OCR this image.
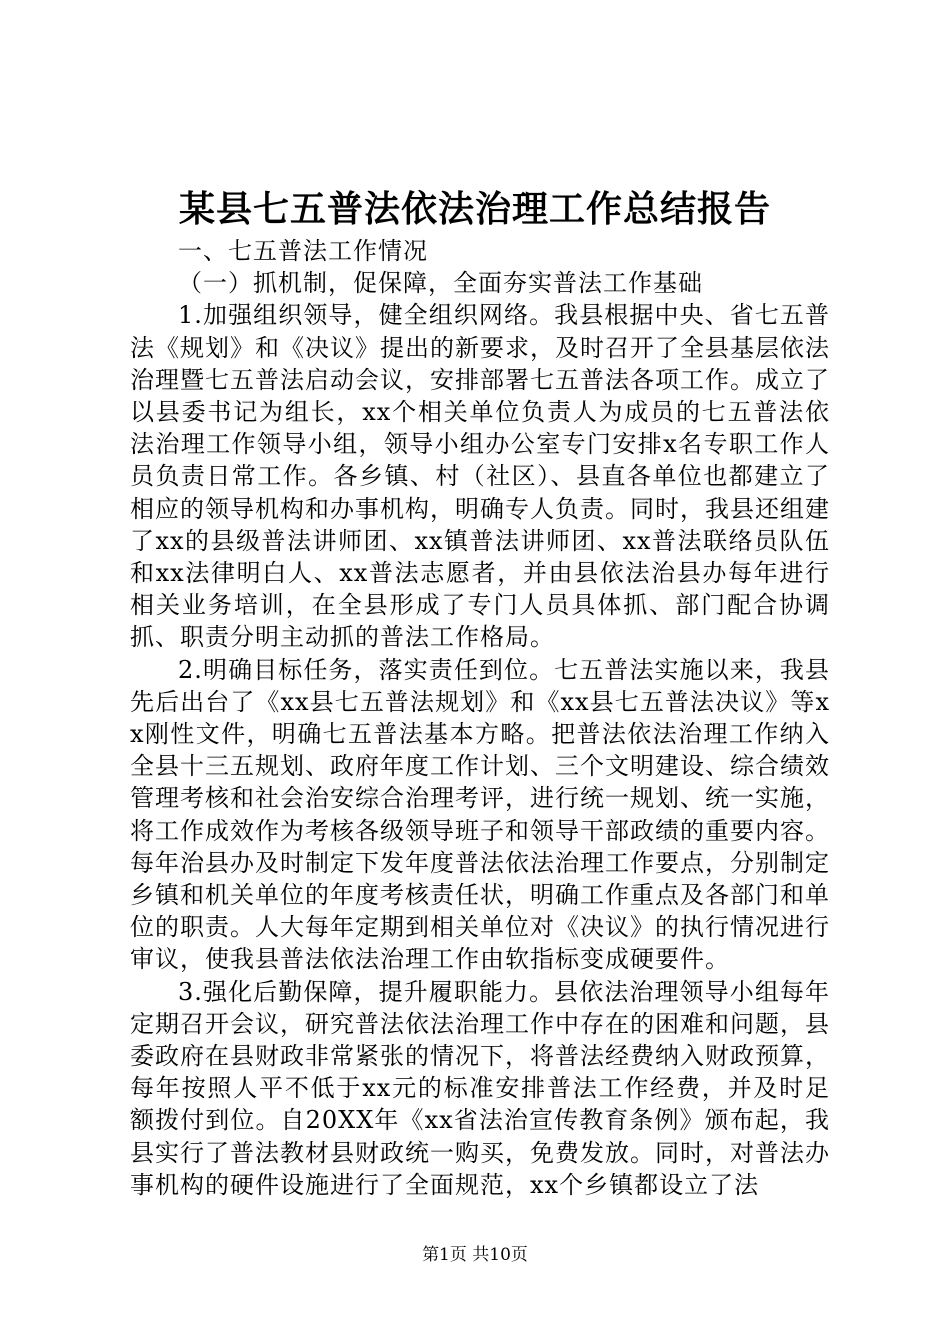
某县七五普法依法治理工作总结报告

一、七五普法工作情况

（一）抓机制，促保障，全面夯实普法工作基础

1.加强组织领导，健全组织网络。我县根据中央、省七五普法《规划》和《决议》提出的新要求，及时召开了全县基层依法治理暨七五普法启动会议，安排部署七五普法各项工作。成立了以县委书记为组长，xx个相关单位负责人为成员的七五普法依法治理工作领导小组，领导小组办公室专门安排x名专职工作人员负责日常工作。各乡镇、村（社区）、县直各单位也都建立了相应的领导机构和办事机构，明确专人负责。同时，我县还组建了xx的县级普法讲师团、xx镇普法讲师团、xx普法联络员队伍和xx法律明白人、xx普法志愿者，并由县依法治县办每年进行相关业务培训，在全县形成了专门人员具体抓、部门配合协调抓、职责分明主动抓的普法工作格局。

2.明确目标任务，落实责任到位。七五普法实施以来，我县先后出台了《xx县七五普法规划》和《xx县七五普法决议》等xx刚性文件，明确七五普法基本方略。把普法依法治理工作纳入全县十三五规划、政府年度工作计划、三个文明建设、综合绩效管理考核和社会治安综合治理考评，进行统一规划、统一实施，将工作成效作为考核各级领导班子和领导干部政绩的重要内容。每年治县办及时制定下发年度普法依法治理工作要点，分别制定乡镇和机关单位的年度考核责任状，明确工作重点及各部门和单位的职责。人大每年定期到相关单位对《决议》的执行情况进行审议，使我县普法依法治理工作由软指标变成硬要件。

3.强化后勤保障，提升履职能力。县依法治理领导小组每年定期召开会议，研究普法依法治理工作中存在的困难和问题，县委政府在县财政非常紧张的情况下，将普法经费纳入财政预算，每年按照人平不低于xx元的标准安排普法工作经费，并及时足额拨付到位。自20XX年《xx省法治宣传教育条例》颁布起，我县实行了普法教材县财政统一购买，免费发放。同时，对普法办事机构的硬件设施进行了全面规范，xx个乡镇都设立了法

第1页 共10页
